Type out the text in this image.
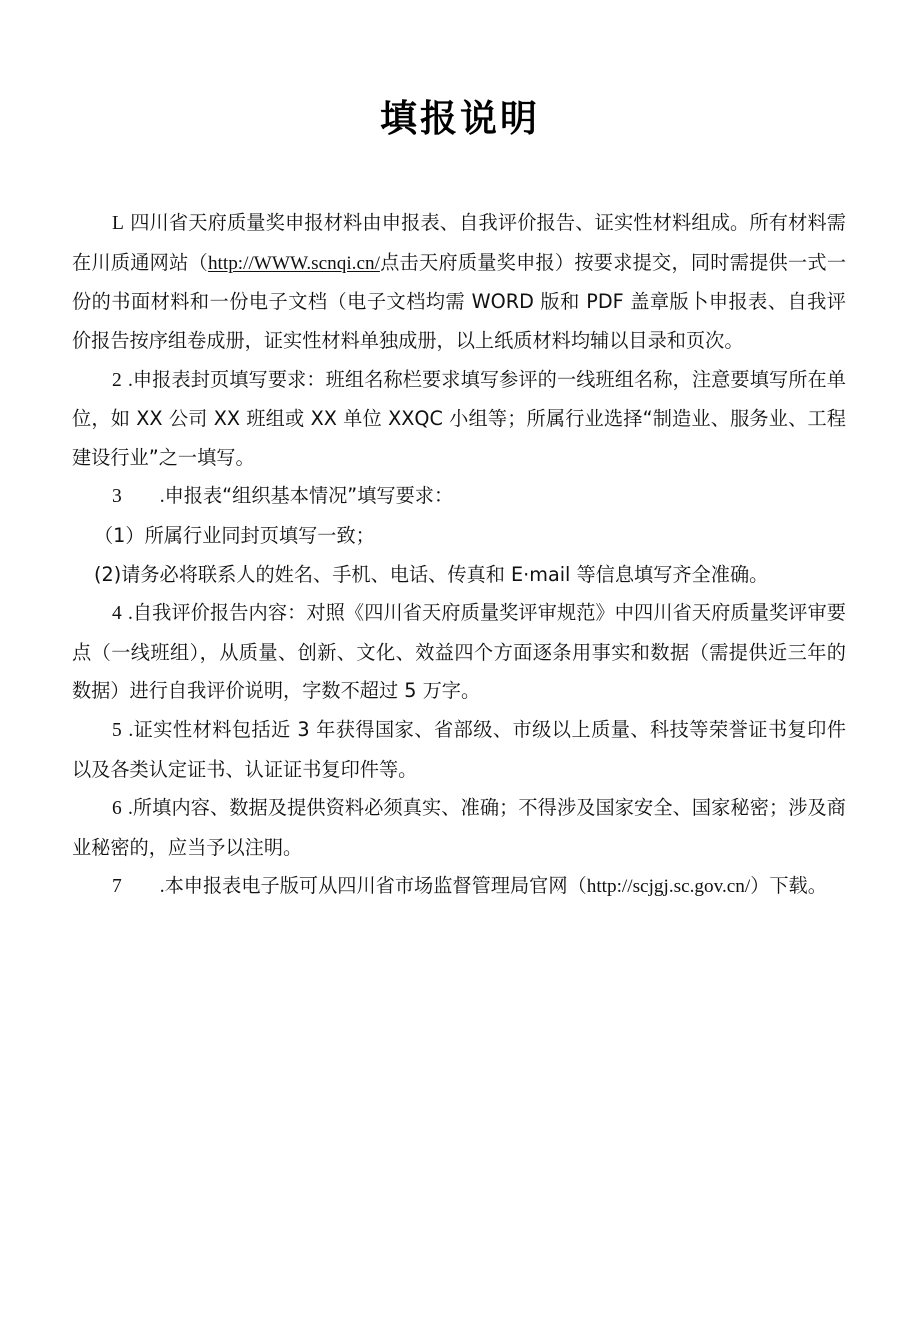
填报说明

L 四川省天府质量奖申报材料由申报表、自我评价报告、证实性材料组成。所有材料需在川质通网站（http://WWW.scnqi.cn/点击天府质量奖申报）按要求提交，同时需提供一式一份的书面材料和一份电子文档（电子文档均需 WORD 版和 PDF 盖章版卜申报表、自我评价报告按序组卷成册，证实性材料单独成册，以上纸质材料均辅以目录和页次。

2 .申报表封页填写要求：班组名称栏要求填写参评的一线班组名称，注意要填写所在单位，如 XX 公司 XX 班组或 XX 单位 XXQC 小组等；所属行业选择“制造业、服务业、工程建设行业”之一填写。

3 .申报表“组织基本情况”填写要求：

（1）所属行业同封页填写一致；

(2)请务必将联系人的姓名、手机、电话、传真和 E·mail 等信息填写齐全准确。

4 .自我评价报告内容：对照《四川省天府质量奖评审规范》中四川省天府质量奖评审要点（一线班组），从质量、创新、文化、效益四个方面逐条用事实和数据（需提供近三年的数据）进行自我评价说明，字数不超过 5 万字。

5 .证实性材料包括近 3 年获得国家、省部级、市级以上质量、科技等荣誉证书复印件以及各类认定证书、认证证书复印件等。

6 .所填内容、数据及提供资料必须真实、准确；不得涉及国家安全、国家秘密；涉及商业秘密的，应当予以注明。

7 .本申报表电子版可从四川省市场监督管理局官网（http://scjgj.sc.gov.cn/）下载。
